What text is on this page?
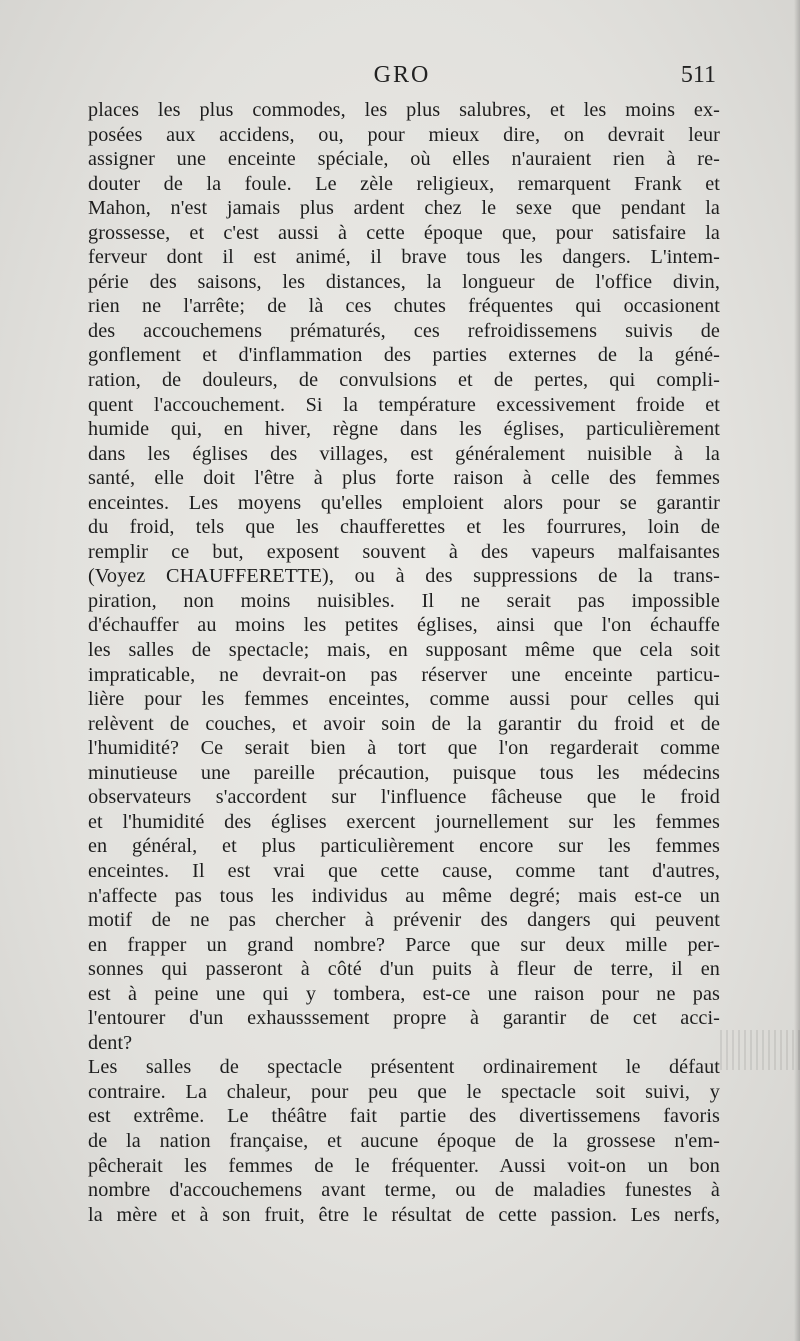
GRO	511
places les plus commodes, les plus salubres, et les moins ex-
posées aux accidens, ou, pour mieux dire, on devrait leur
assigner une enceinte spéciale, où elles n'auraient rien à re-
douter de la foule. Le zèle religieux, remarquent Frank et
Mahon, n'est jamais plus ardent chez le sexe que pendant la
grossesse, et c'est aussi à cette époque que, pour satisfaire la
ferveur dont il est animé, il brave tous les dangers. L'intem-
périe des saisons, les distances, la longueur de l'office divin,
rien ne l'arrête; de là ces chutes fréquentes qui occasionent
des accouchemens prématurés, ces refroidissemens suivis de
gonflement et d'inflammation des parties externes de la géné-
ration, de douleurs, de convulsions et de pertes, qui compli-
quent l'accouchement. Si la température excessivement froide et
humide qui, en hiver, règne dans les églises, particulièrement
dans les églises des villages, est généralement nuisible à la
santé, elle doit l'être à plus forte raison à celle des femmes
enceintes. Les moyens qu'elles emploient alors pour se garantir
du froid, tels que les chaufferettes et les fourrures, loin de
remplir ce but, exposent souvent à des vapeurs malfaisantes
(Voyez CHAUFFERETTE), ou à des suppressions de la trans-
piration, non moins nuisibles. Il ne serait pas impossible
d'échauffer au moins les petites églises, ainsi que l'on échauffe
les salles de spectacle; mais, en supposant même que cela soit
impraticable, ne devrait-on pas réserver une enceinte particu-
lière pour les femmes enceintes, comme aussi pour celles qui
relèvent de couches, et avoir soin de la garantir du froid et de
l'humidité? Ce serait bien à tort que l'on regarderait comme
minutieuse une pareille précaution, puisque tous les médecins
observateurs s'accordent sur l'influence fâcheuse que le froid
et l'humidité des églises exercent journellement sur les femmes
en général, et plus particulièrement encore sur les femmes
enceintes. Il est vrai que cette cause, comme tant d'autres,
n'affecte pas tous les individus au même degré; mais est-ce un
motif de ne pas chercher à prévenir des dangers qui peuvent
en frapper un grand nombre? Parce que sur deux mille per-
sonnes qui passeront à côté d'un puits à fleur de terre, il en
est à peine une qui y tombera, est-ce une raison pour ne pas
l'entourer d'un exhausssement propre à garantir de cet acci-
dent?
Les salles de spectacle présentent ordinairement le défaut
contraire. La chaleur, pour peu que le spectacle soit suivi, y
est extrême. Le théâtre fait partie des divertissemens favoris
de la nation française, et aucune époque de la grossese n'em-
pêcherait les femmes de le fréquenter. Aussi voit-on un bon
nombre d'accouchemens avant terme, ou de maladies funestes à
la mère et à son fruit, être le résultat de cette passion. Les nerfs,
